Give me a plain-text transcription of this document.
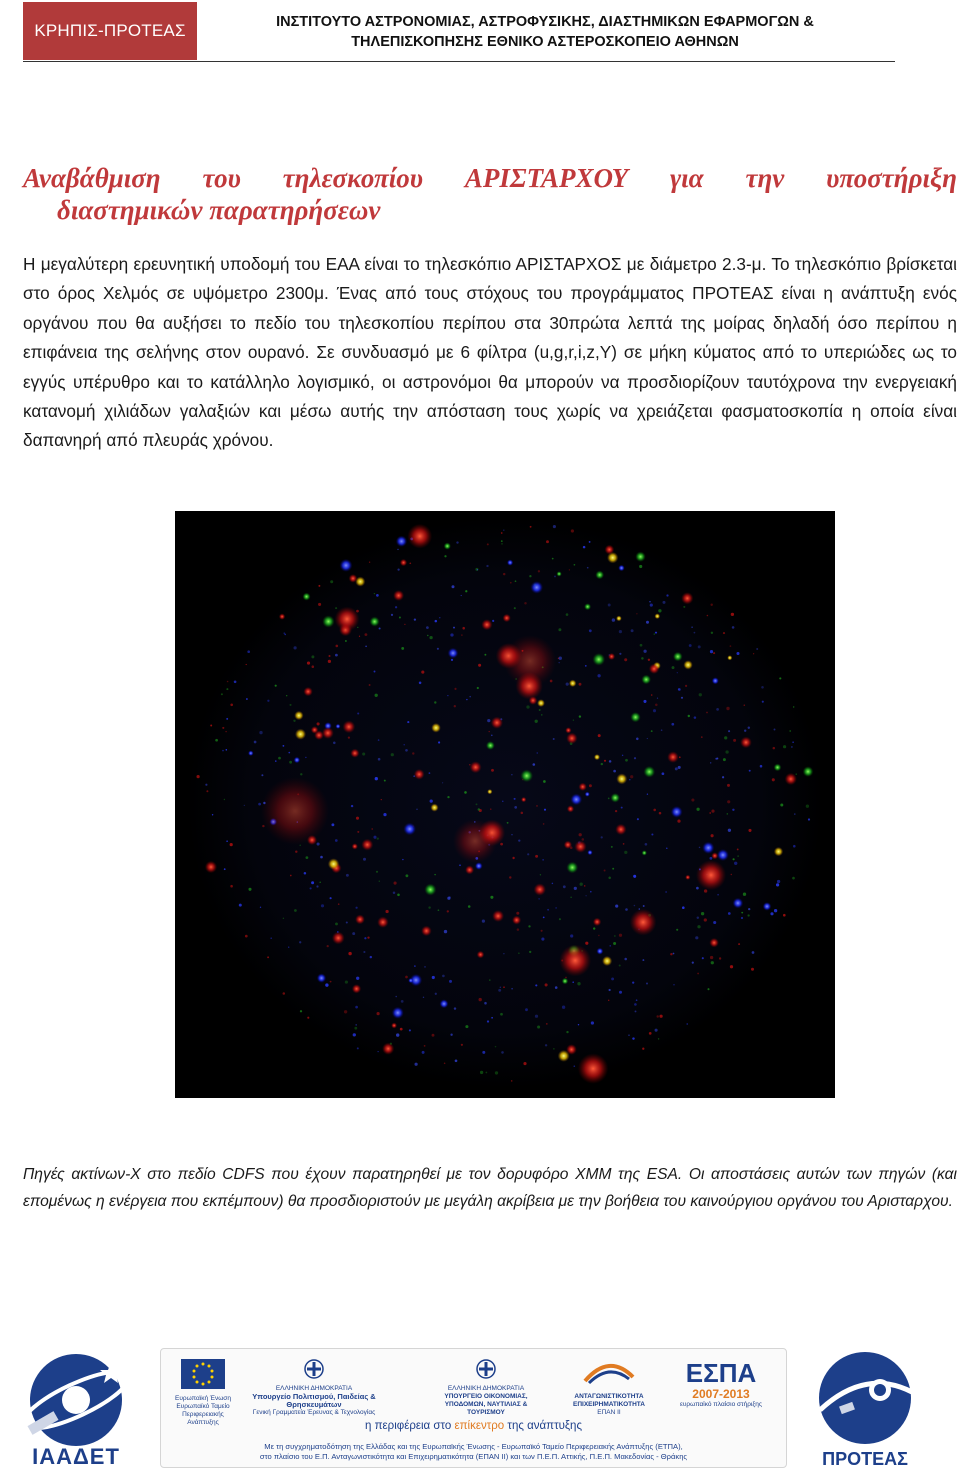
ΚΡΗΠΙΣ-ΠΡΟΤΕΑΣ	ΙΝΣΤΙΤΟΥΤΟ ΑΣΤΡΟΝΟΜΙΑΣ, ΑΣΤΡΟΦΥΣΙΚΗΣ, ΔΙΑΣΤΗΜΙΚΩΝ ΕΦΑΡΜΟΓΩΝ &
ΤΗΛΕΠΙΣΚΟΠΗΣΗΣ ΕΘΝΙΚΟ ΑΣΤΕΡΟΣΚΟΠΕΙΟ ΑΘΗΝΩΝ
Αναβάθμιση του τηλεσκοπίου ΑΡΙΣΤΑΡΧΟΥ για την υποστήριξη
διαστημικών παρατηρήσεων

Η μεγαλύτερη ερευνητική υποδομή του ΕΑΑ είναι το τηλεσκόπιο ΑΡΙΣΤΑΡΧΟΣ με διάμετρο 2.3-μ. Το τηλεσκόπιο βρίσκεται στο όρος Χελμός σε υψόμετρο 2300μ. Ένας από τους στόχους του προγράμματος ΠΡΟΤΕΑΣ είναι η ανάπτυξη ενός οργάνου που θα αυξήσει το πεδίο του τηλεσκοπίου περίπου στα 30πρώτα λεπτά της μοίρας δηλαδή όσο περίπου η επιφάνεια της σελήνης στον ουρανό. Σε συνδυασμό με 6 φίλτρα (u,g,r,i,z,Y) σε μήκη κύματος από το υπεριώδες ως το εγγύς υπέρυθρο και το κατάλληλο λογισμικό, οι αστρονόμοι θα μπορούν να προσδιορίζουν ταυτόχρονα την ενεργειακή κατανομή χιλιάδων γαλαξιών και μέσω αυτής την απόσταση τους χωρίς να χρειάζεται φασματοσκοπία η οποία είναι δαπανηρή από πλευράς χρόνου.

Πηγές ακτίνων-Χ στο πεδίο CDFS που έχουν παρατηρηθεί με τον δορυφόρο ΧΜΜ της ESA. Οι αποστάσεις αυτών των πηγών (και επομένως η ενέργεια που εκπέμπουν) θα προσδιοριστούν με μεγάλη ακρίβεια με την βοήθεια του καινούργιου οργάνου του Αρισταρχου.

ΙΑΑΔΕΤ
Ευρωπαϊκή Ένωση Ευρωπαϊκό Ταμείο Περιφερειακής Ανάπτυξης
ΕΛΛΗΝΙΚΗ ΔΗΜΟΚΡΑΤΙΑ
Υπουργείο Πολιτισμού, Παιδείας & Θρησκευμάτων
Γενική Γραμματεία Έρευνας & Τεχνολογίας
ΕΛΛΗΝΙΚΗ ΔΗΜΟΚΡΑΤΙΑ
ΥΠΟΥΡΓΕΙΟ ΟΙΚΟΝΟΜΙΑΣ, ΥΠΟΔΟΜΩΝ, ΝΑΥΤΙΛΙΑΣ & ΤΟΥΡΙΣΜΟΥ
ΑΝΤΑΓΩΝΙΣΤΙΚΟΤΗΤΑ ΕΠΙΧΕΙΡΗΜΑΤΙΚΟΤΗΤΑ
ΕΠΑΝ II
ΕΣΠΑ
2007-2013
ευρωπαϊκό πλαίσιο στήριξης
η περιφέρεια στο επίκεντρο της ανάπτυξης
Με τη συγχρηματοδότηση της Ελλάδας και της Ευρωπαϊκής Ένωσης - Ευρωπαϊκό Ταμείο Περιφερειακής Ανάπτυξης (ΕΤΠΑ),
στο πλαίσιο του Ε.Π. Ανταγωνιστικότητα και Επιχειρηματικότητα (ΕΠΑΝ ΙΙ) και των Π.Ε.Π. Αττικής, Π.Ε.Π. Μακεδονίας - Θράκης	ΠΡΟΤΕΑΣ
